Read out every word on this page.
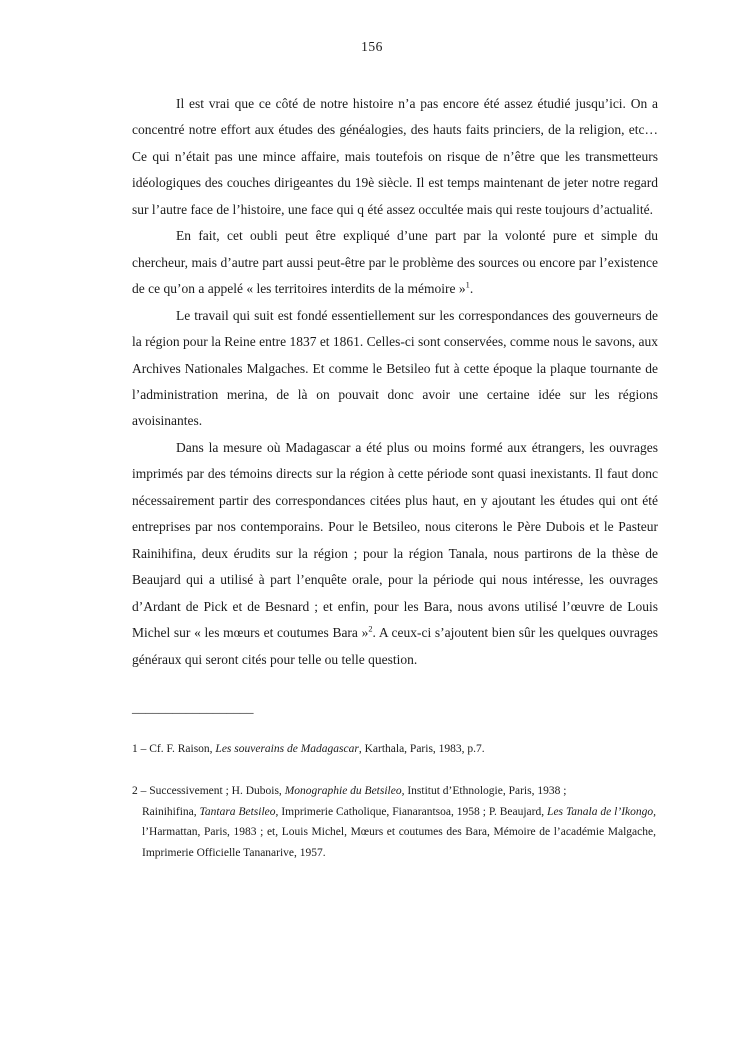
156

Il est vrai que ce côté de notre histoire n’a pas encore été assez étudié jusqu’ici. On a concentré notre effort aux études des généalogies, des hauts faits princiers, de la religion, etc… Ce qui n’était pas une mince affaire, mais toutefois on risque de n’être que les transmetteurs idéologiques des couches dirigeantes du 19è siècle. Il est temps maintenant de jeter notre regard sur l’autre face de l’histoire, une face qui q été assez occultée mais qui reste toujours d’actualité.

En fait, cet oubli peut être expliqué d’une part par la volonté pure et simple du chercheur, mais d’autre part aussi peut-être par le problème des sources ou encore par l’existence de ce qu’on a appelé « les territoires interdits de la mémoire »$^1$.

Le travail qui suit est fondé essentiellement sur les correspondances des gouverneurs de la région pour la Reine entre 1837 et 1861. Celles-ci sont conservées, comme nous le savons, aux Archives Nationales Malgaches. Et comme le Betsileo fut à cette époque la plaque tournante de l’administration merina, de là on pouvait donc avoir une certaine idée sur les régions avoisinantes.

Dans la mesure où Madagascar a été plus ou moins formé aux étrangers, les ouvrages imprimés par des témoins directs sur la région à cette période sont quasi inexistants. Il faut donc nécessairement partir des correspondances citées plus haut, en y ajoutant les études qui ont été entreprises par nos contemporains. Pour le Betsileo, nous citerons le Père Dubois et le Pasteur Rainihifina, deux érudits sur la région ; pour la région Tanala, nous partirons de la thèse de Beaujard qui a utilisé à part l’enquête orale, pour la période qui nous intéresse, les ouvrages d’Ardant de Pick et de Besnard ; et enfin, pour les Bara, nous avons utilisé l’œuvre de Louis Michel sur « les mœurs et coutumes Bara »$^2$. A ceux-ci s’ajoutent bien sûr les quelques ouvrages généraux qui seront cités pour telle ou telle question.

__________________

1 – Cf. F. Raison, Les souverains de Madagascar, Karthala, Paris, 1983, p.7.

2 – Successivement ; H. Dubois, Monographie du Betsileo, Institut d’Ethnologie, Paris, 1938 ;
Rainihifina, Tantara Betsileo, Imprimerie Catholique, Fianarantsoa, 1958 ; P. Beaujard, Les Tanala de l’Ikongo, l’Harmattan, Paris, 1983 ; et, Louis Michel, Mœurs et coutumes des Bara, Mémoire de l’académie Malgache, Imprimerie Officielle Tananarive, 1957.
